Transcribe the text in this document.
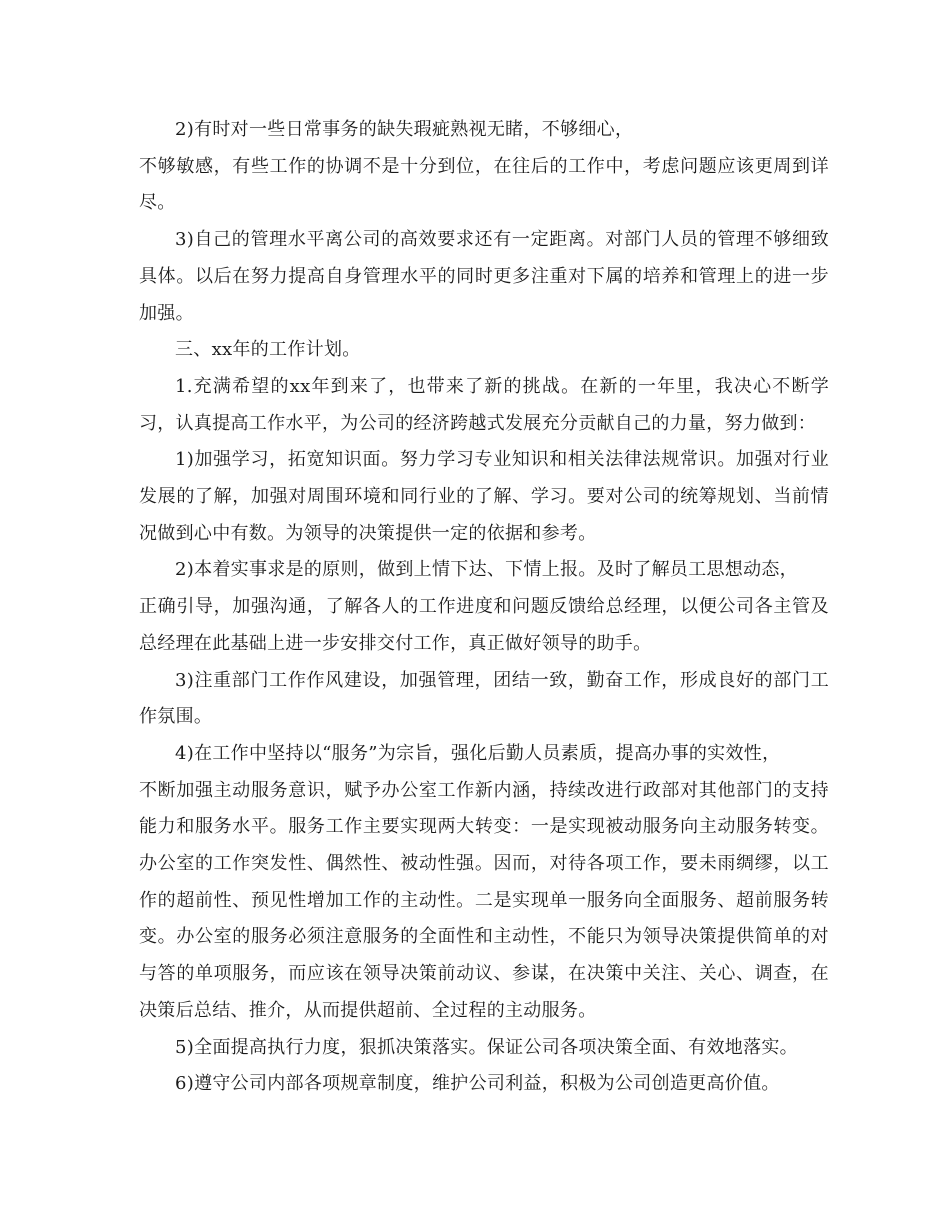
2)有时对一些日常事务的缺失瑕疵熟视无睹，不够细心，

不够敏感，有些工作的协调不是十分到位，在往后的工作中，考虑问题应该更周到详尽。

3)自己的管理水平离公司的高效要求还有一定距离。对部门人员的管理不够细致具体。以后在努力提高自身管理水平的同时更多注重对下属的培养和管理上的进一步加强。

三、xx年的工作计划。

1.充满希望的xx年到来了，也带来了新的挑战。在新的一年里，我决心不断学习，认真提高工作水平，为公司的经济跨越式发展充分贡献自己的力量，努力做到：

1)加强学习，拓宽知识面。努力学习专业知识和相关法律法规常识。加强对行业发展的了解，加强对周围环境和同行业的了解、学习。要对公司的统筹规划、当前情况做到心中有数。为领导的决策提供一定的依据和参考。

2)本着实事求是的原则，做到上情下达、下情上报。及时了解员工思想动态，

正确引导，加强沟通，了解各人的工作进度和问题反馈给总经理，以便公司各主管及总经理在此基础上进一步安排交付工作，真正做好领导的助手。

3)注重部门工作作风建设，加强管理，团结一致，勤奋工作，形成良好的部门工作氛围。

4)在工作中坚持以“服务”为宗旨，强化后勤人员素质，提高办事的实效性，

不断加强主动服务意识，赋予办公室工作新内涵，持续改进行政部对其他部门的支持能力和服务水平。服务工作主要实现两大转变：一是实现被动服务向主动服务转变。办公室的工作突发性、偶然性、被动性强。因而，对待各项工作，要未雨绸缪，以工作的超前性、预见性增加工作的主动性。二是实现单一服务向全面服务、超前服务转变。办公室的服务必须注意服务的全面性和主动性，不能只为领导决策提供简单的对与答的单项服务，而应该在领导决策前动议、参谋，在决策中关注、关心、调查，在决策后总结、推介，从而提供超前、全过程的主动服务。

5)全面提高执行力度，狠抓决策落实。保证公司各项决策全面、有效地落实。

6)遵守公司内部各项规章制度，维护公司利益，积极为公司创造更高价值。
